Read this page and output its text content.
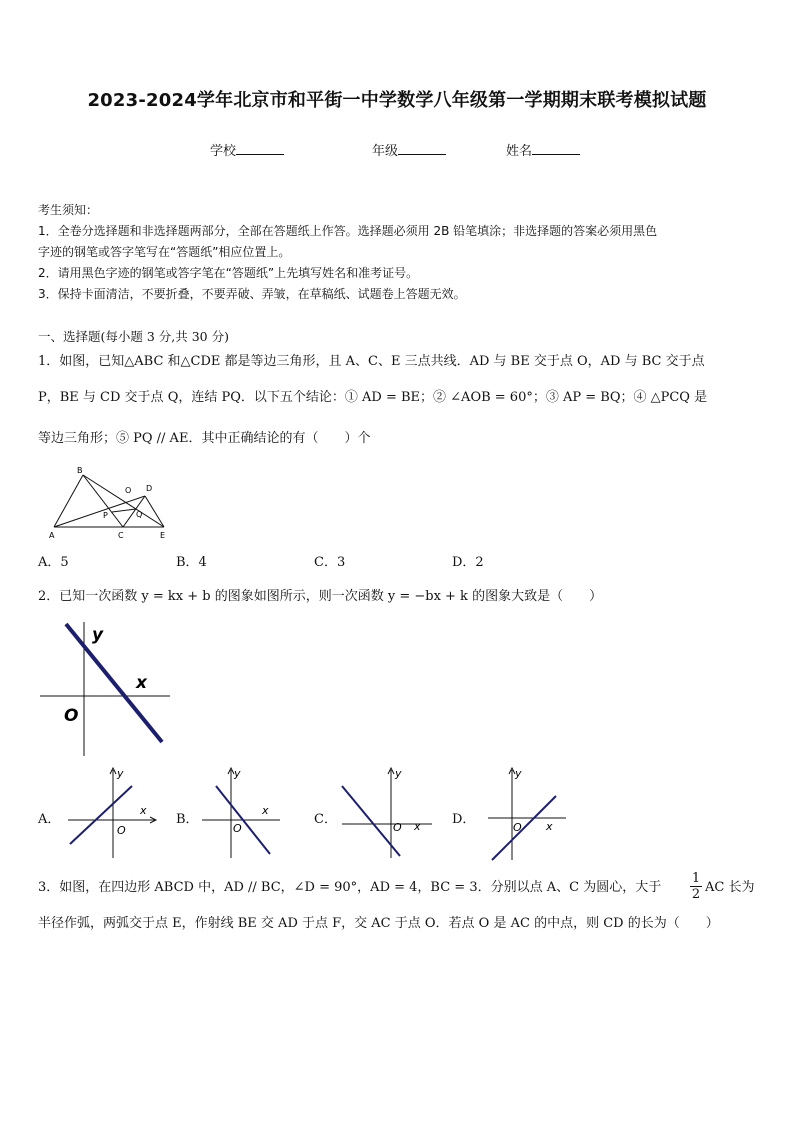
2023-2024学年北京市和平街一中学数学八年级第一学期期末联考模拟试题
学校	年级	姓名
考生须知：
1．全卷分选择题和非选择题两部分，全部在答题纸上作答。选择题必须用 2B 铅笔填涂；非选择题的答案必须用黑色
字迹的钢笔或答字笔写在“答题纸”相应位置上。
2．请用黑色字迹的钢笔或答字笔在“答题纸”上先填写姓名和准考证号。
3．保持卡面清洁，不要折叠，不要弄破、弄皱，在草稿纸、试题卷上答题无效。
一、选择题(每小题 3 分,共 30 分)
1．如图，已知△ABC 和△CDE 都是等边三角形，且 A、C、E 三点共线．AD 与 BE 交于点 O，AD 与 BC 交于点
P，BE 与 CD 交于点 Q，连结 PQ．以下五个结论：① AD = BE；② ∠AOB = 60°；③ AP = BQ；④ △PCQ 是
等边三角形；⑤ PQ // AE．其中正确结论的有（　　）个
B
O D
P	Q
A	C	E
A．5	B．4	C．3	D．2
2．已知一次函数 y = kx + b 的图象如图所示，则一次函数 y = −bx + k 的图象大致是（　　）
y
x
O
A．
y
x
O
B．
y
x
O
C．
y
x
O
D．
y
x
O
3．如图，在四边形 ABCD 中，AD // BC，∠D = 90°，AD = 4，BC = 3．分别以点 A、C 为圆心，大于	$\frac{1}{2}$ AC 长为
半径作弧，两弧交于点 E，作射线 BE 交 AD 于点 F，交 AC 于点 O．若点 O 是 AC 的中点，则 CD 的长为（　　）
